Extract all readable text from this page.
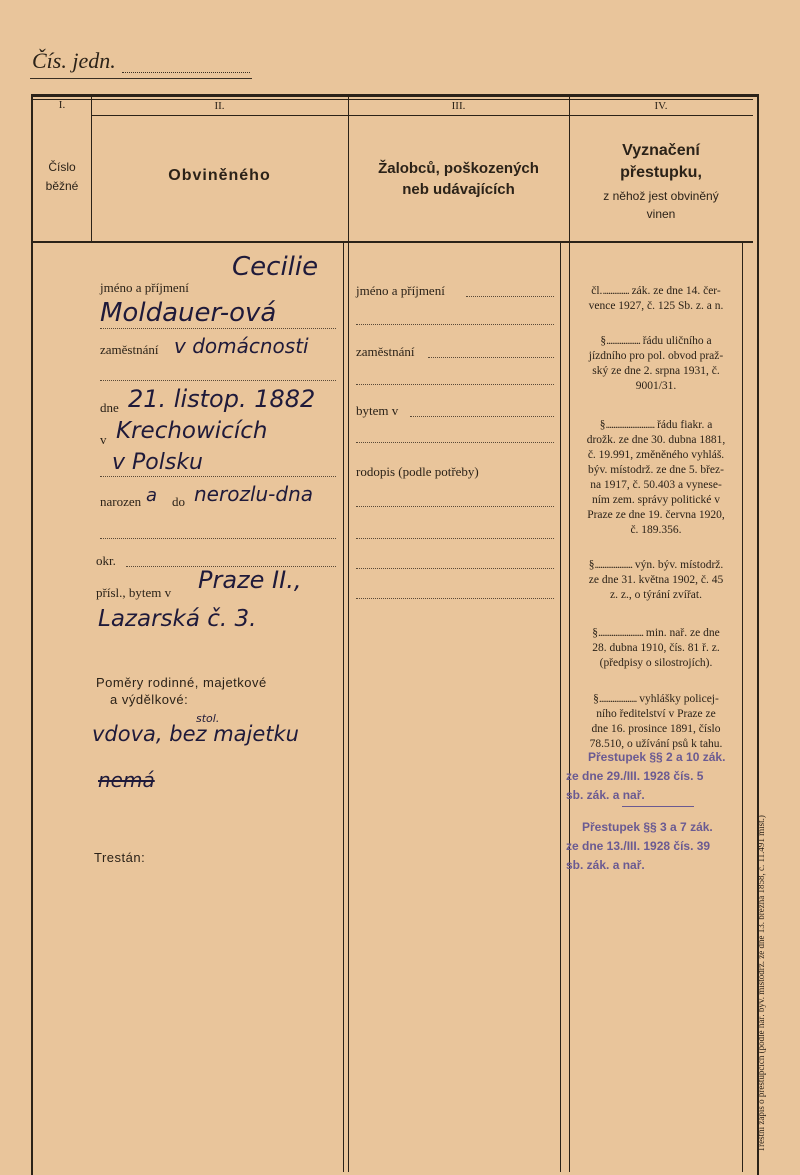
Čís. jedn.
I.	II.	III.	IV.
Číslo
běžné
Obviněného	Žalobců, poškozených
neb udávajících
Vyznačení
přestupku,
z něhož jest obviněný
vinen
jméno a příjmení
Cecilie
Moldauer-ová
zaměstnání v domácnosti
dne 21. listop. 1882
v Krechowicích
v Polsku
narozen a do nerozlu-dna
okr.
přísl., bytem v Praze II.,
Lazarská č. 3.
Poměry rodinné, majetkové
a výdělkové:
stol.
vdova, bez majetku
nemá
Trestán:
jméno a příjmení
zaměstnání
bytem v
rodopis (podle potřeby)
čl............... zák. ze dne 14. čer-
vence 1927, č. 125 Sb. z. a n.
§.................. řádu uličního a
jízdního pro pol. obvod praž-
ský ze dne 2. srpna 1931, č.
9001/31.
§.......................... řádu fiakr. a
drožk. ze dne 30. dubna 1881,
č. 19.991, změněného vyhláš.
býv. místodrž. ze dne 5. břez-
na 1917, č. 50.403 a vynese-
ním zem. správy politické v
Praze ze dne 19. června 1920,
č. 189.356.
§.................... výn. býv. místodrž.
ze dne 31. května 1902, č. 45
z. z., o týrání zvířat.
§........................ min. nař. ze dne
28. dubna 1910, čís. 81 ř. z.
(předpisy o silostrojích).
§.................... vyhlášky policej-
ního ředitelství v Praze ze
dne 16. prosince 1891, číslo
78.510, o užívání psů k tahu.
Přestupek §§ 2 a 10 zák.
ze dne 29./III. 1928 čís. 5
sb. zák. a nař.
Přestupek §§ 3 a 7 zák.
ze dne 13./III. 1928 čís. 39
sb. zák. a nař.	Trestní zápis o přestupcích (podle nař. býv. místodrž. ze dne 13. března 1858, č. 11.491 míst.)
